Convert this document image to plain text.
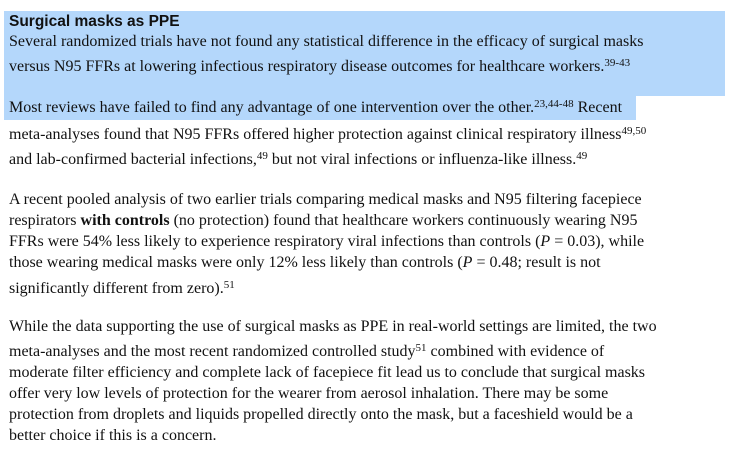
Surgical masks as PPE
Several randomized trials have not found any statistical difference in the efficacy of surgical masks
versus N95 FFRs at lowering infectious respiratory disease outcomes for healthcare workers.$^{39-43}$
Most reviews have failed to find any advantage of one intervention over the other.$^{23,44-48}$ Recent
meta-analyses found that N95 FFRs offered higher protection against clinical respiratory illness$^{49,50}$
and lab-confirmed bacterial infections,$^{49}$ but not viral infections or influenza-like illness.$^{49}$
A recent pooled analysis of two earlier trials comparing medical masks and N95 filtering facepiece
respirators with controls (no protection) found that healthcare workers continuously wearing N95
FFRs were 54% less likely to experience respiratory viral infections than controls (P = 0.03), while
those wearing medical masks were only 12% less likely than controls (P = 0.48; result is not
significantly different from zero).$^{51}$
While the data supporting the use of surgical masks as PPE in real-world settings are limited, the two
meta-analyses and the most recent randomized controlled study$^{51}$ combined with evidence of
moderate filter efficiency and complete lack of facepiece fit lead us to conclude that surgical masks
offer very low levels of protection for the wearer from aerosol inhalation. There may be some
protection from droplets and liquids propelled directly onto the mask, but a faceshield would be a
better choice if this is a concern.
